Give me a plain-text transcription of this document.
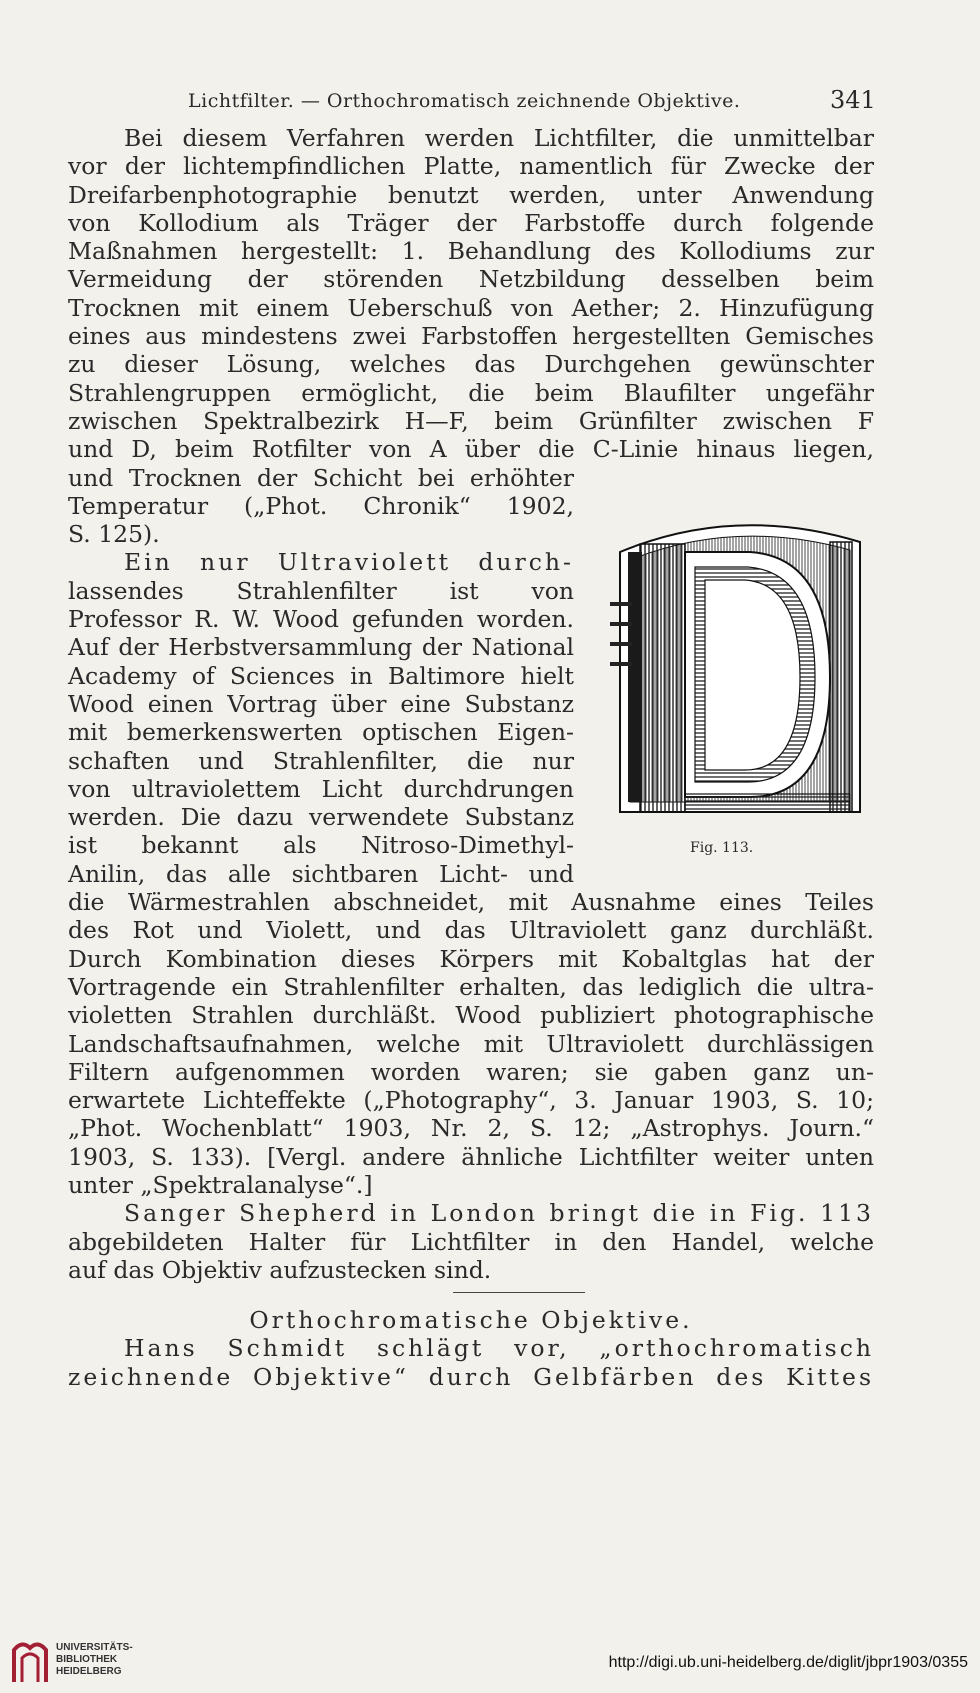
Lichtfilter. — Orthochromatisch zeichnende Objektive.	341
Bei diesem Verfahren werden Lichtfilter, die unmittelbar
vor der lichtempfindlichen Platte, namentlich für Zwecke der
Dreifarbenphotographie benutzt werden, unter Anwendung
von Kollodium als Träger der Farbstoffe durch folgende
Maßnahmen hergestellt: 1. Behandlung des Kollodiums zur
Vermeidung der störenden Netzbildung desselben beim
Trocknen mit einem Ueberschuß von Aether; 2. Hinzufügung
eines aus mindestens zwei Farbstoffen hergestellten Gemisches
zu dieser Lösung, welches das Durchgehen gewünschter
Strahlengruppen ermöglicht, die beim Blaufilter ungefähr
zwischen Spektralbezirk H—F, beim Grünfilter zwischen F
und D, beim Rotfilter von A über die C-Linie hinaus liegen,
und Trocknen der Schicht bei erhöhter
Temperatur („Phot. Chronik“ 1902,
S. 125).
Ein nur Ultraviolett durch-
lassendes Strahlenfilter ist von
Professor R. W. Wood gefunden worden.
Auf der Herbstversammlung der National
Academy of Sciences in Baltimore hielt
Wood einen Vortrag über eine Substanz
mit bemerkenswerten optischen Eigen-
schaften und Strahlenfilter, die nur
von ultraviolettem Licht durchdrungen
werden. Die dazu verwendete Substanz
ist bekannt als Nitroso-Dimethyl-
Anilin, das alle sichtbaren Licht- und
die Wärmestrahlen abschneidet, mit Ausnahme eines Teiles
des Rot und Violett, und das Ultraviolett ganz durchläßt.
Durch Kombination dieses Körpers mit Kobaltglas hat der
Vortragende ein Strahlenfilter erhalten, das lediglich die ultra-
violetten Strahlen durchläßt. Wood publiziert photographische
Landschaftsaufnahmen, welche mit Ultraviolett durchlässigen
Filtern aufgenommen worden waren; sie gaben ganz un-
erwartete Lichteffekte („Photography“, 3. Januar 1903, S. 10;
„Phot. Wochenblatt“ 1903, Nr. 2, S. 12; „Astrophys. Journ.“
1903, S. 133). [Vergl. andere ähnliche Lichtfilter weiter unten
unter „Spektralanalyse“.]
Sanger Shepherd in London bringt die in Fig. 113
abgebildeten Halter für Lichtfilter in den Handel, welche
auf das Objektiv aufzustecken sind.
Orthochromatische Objektive.
Hans Schmidt schlägt vor, „orthochromatisch
zeichnende Objektive“ durch Gelbfärben des Kittes
Fig. 113.
UNIVERSITÄTS-BIBLIOTHEK HEIDELBERG
http://digi.ub.uni-heidelberg.de/diglit/jbpr1903/0355
